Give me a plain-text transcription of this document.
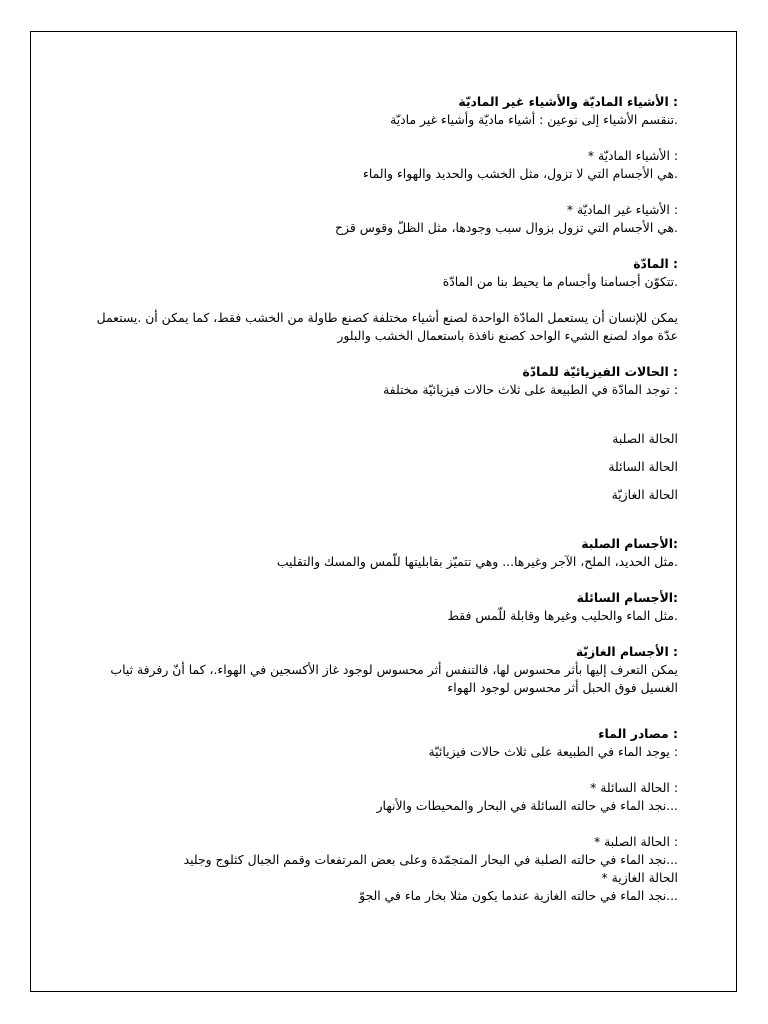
: الأشياء الماديّة والأشياء غير الماديّة
.تنقسم الأشياء إلى نوعين : أشياء ماديّة وأشياء غير ماديّة
: الأشياء الماديّة *
.هي الأجسام التي لا تزول، مثل الخشب والحديد والهواء والماء
: الأشياء غير الماديّة *
.هي الأجسام التي تزول بزوال سبب وجودها، مثل الظلّ وقوس قزح
: المادّة
.تتكوّن أجسامنا وأجسام ما يحيط بنا من المادّة
يمكن للإنسان أن يستعمل المادّة الواحدة لصنع أشياء مختلفة كصنع طاولة من الخشب فقط، كما يمكن أن .يستعمل عدّة مواد لصنع الشيء الواحد كصنع نافذة باستعمال الخشب والبلور
: الحالات الفيزيائيّة للمادّة
: توجد المادّة في الطبيعة على ثلاث حالات فيزيائيّة مختلفة
الحالة الصلبة
الحالة السائلة
الحالة الغازيّة
:الأجسام الصلبة
.مثل الحديد، الملح، الآجر وغيرها... وهي تتميّز بقابليتها للّمس والمسك والتقليب
:الأجسام السائلة
.مثل الماء والحليب وغيرها وقابلة للّمس فقط
: الأجسام الغازيّة
يمكن التعرف إليها بأثر محسوس لها، فالتنفس أثر محسوس لوجود غاز الأكسجين في الهواء.، كما أنّ رفرفة ثياب الغسيل فوق الحبل أثر محسوس لوجود الهواء
: مصادر الماء
: يوجد الماء في الطبيعة على ثلاث حالات فيزيائيّة
: الحالة السائلة *
...نجد الماء في حالته السائلة في البحار والمحيطات والأنهار
: الحالة الصلبة *
...نجد الماء في حالته الصلبة في البحار المتجمّدة وعلى بعض المرتفعات وقمم الجبال كثلوج وجليد
الحالة الغازية *
...نجد الماء في حالته الغازية عندما يكون مثلا بخار ماء في الجوّ
